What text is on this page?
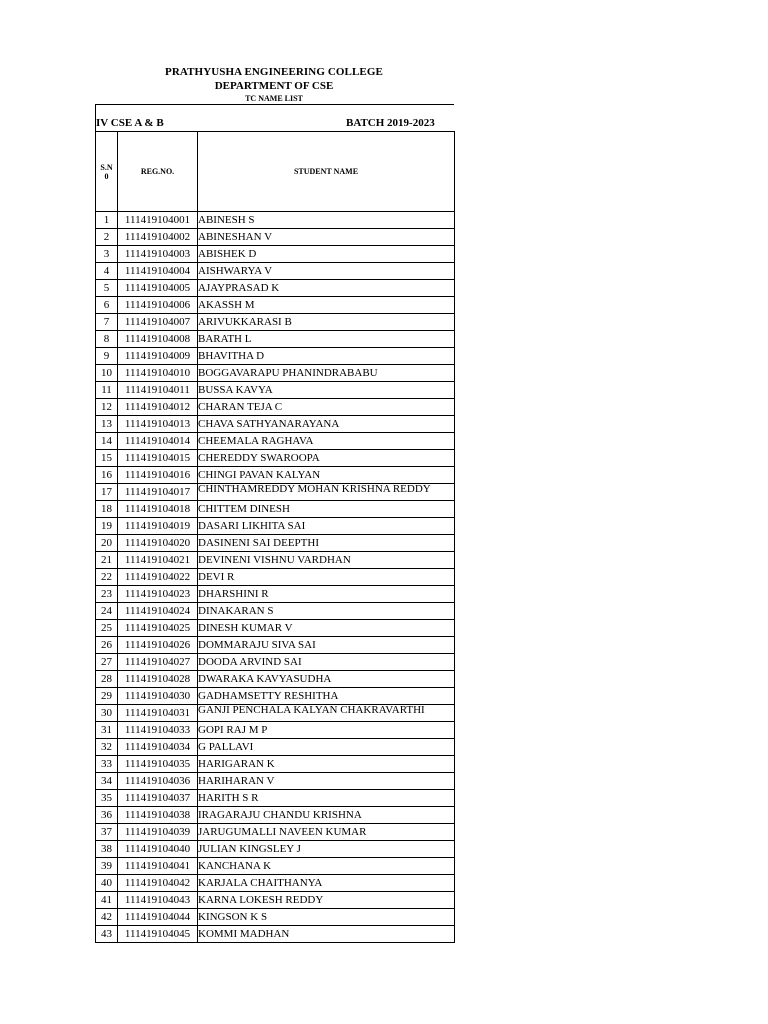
PRATHYUSHA ENGINEERING COLLEGE
DEPARTMENT OF CSE
TC NAME LIST
IV CSE A & B	BATCH 2019-2023
S.N
0	REG.NO.	STUDENT NAME
1	111419104001	ABINESH S
2	111419104002	ABINESHAN V
3	111419104003	ABISHEK D
4	111419104004	AISHWARYA V
5	111419104005	AJAYPRASAD K
6	111419104006	AKASSH M
7	111419104007	ARIVUKKARASI B
8	111419104008	BARATH L
9	111419104009	BHAVITHA D
10	111419104010	BOGGAVARAPU PHANINDRABABU
11	111419104011	BUSSA KAVYA
12	111419104012	CHARAN TEJA C
13	111419104013	CHAVA SATHYANARAYANA
14	111419104014	CHEEMALA RAGHAVA
15	111419104015	CHEREDDY SWAROOPA
16	111419104016	CHINGI PAVAN KALYAN
17	111419104017	CHINTHAMREDDY MOHAN KRISHNA REDDY
18	111419104018	CHITTEM DINESH
19	111419104019	DASARI LIKHITA SAI
20	111419104020	DASINENI SAI DEEPTHI
21	111419104021	DEVINENI VISHNU VARDHAN
22	111419104022	DEVI R
23	111419104023	DHARSHINI R
24	111419104024	DINAKARAN S
25	111419104025	DINESH KUMAR V
26	111419104026	DOMMARAJU SIVA SAI
27	111419104027	DOODA ARVIND SAI
28	111419104028	DWARAKA KAVYASUDHA
29	111419104030	GADHAMSETTY RESHITHA
30	111419104031	GANJI PENCHALA KALYAN CHAKRAVARTHI
31	111419104033	GOPI RAJ M P
32	111419104034	G PALLAVI
33	111419104035	HARIGARAN K
34	111419104036	HARIHARAN V
35	111419104037	HARITH S R
36	111419104038	IRAGARAJU CHANDU KRISHNA
37	111419104039	JARUGUMALLI NAVEEN KUMAR
38	111419104040	JULIAN KINGSLEY J
39	111419104041	KANCHANA K
40	111419104042	KARJALA CHAITHANYA
41	111419104043	KARNA LOKESH REDDY
42	111419104044	KINGSON K S
43	111419104045	KOMMI MADHAN
